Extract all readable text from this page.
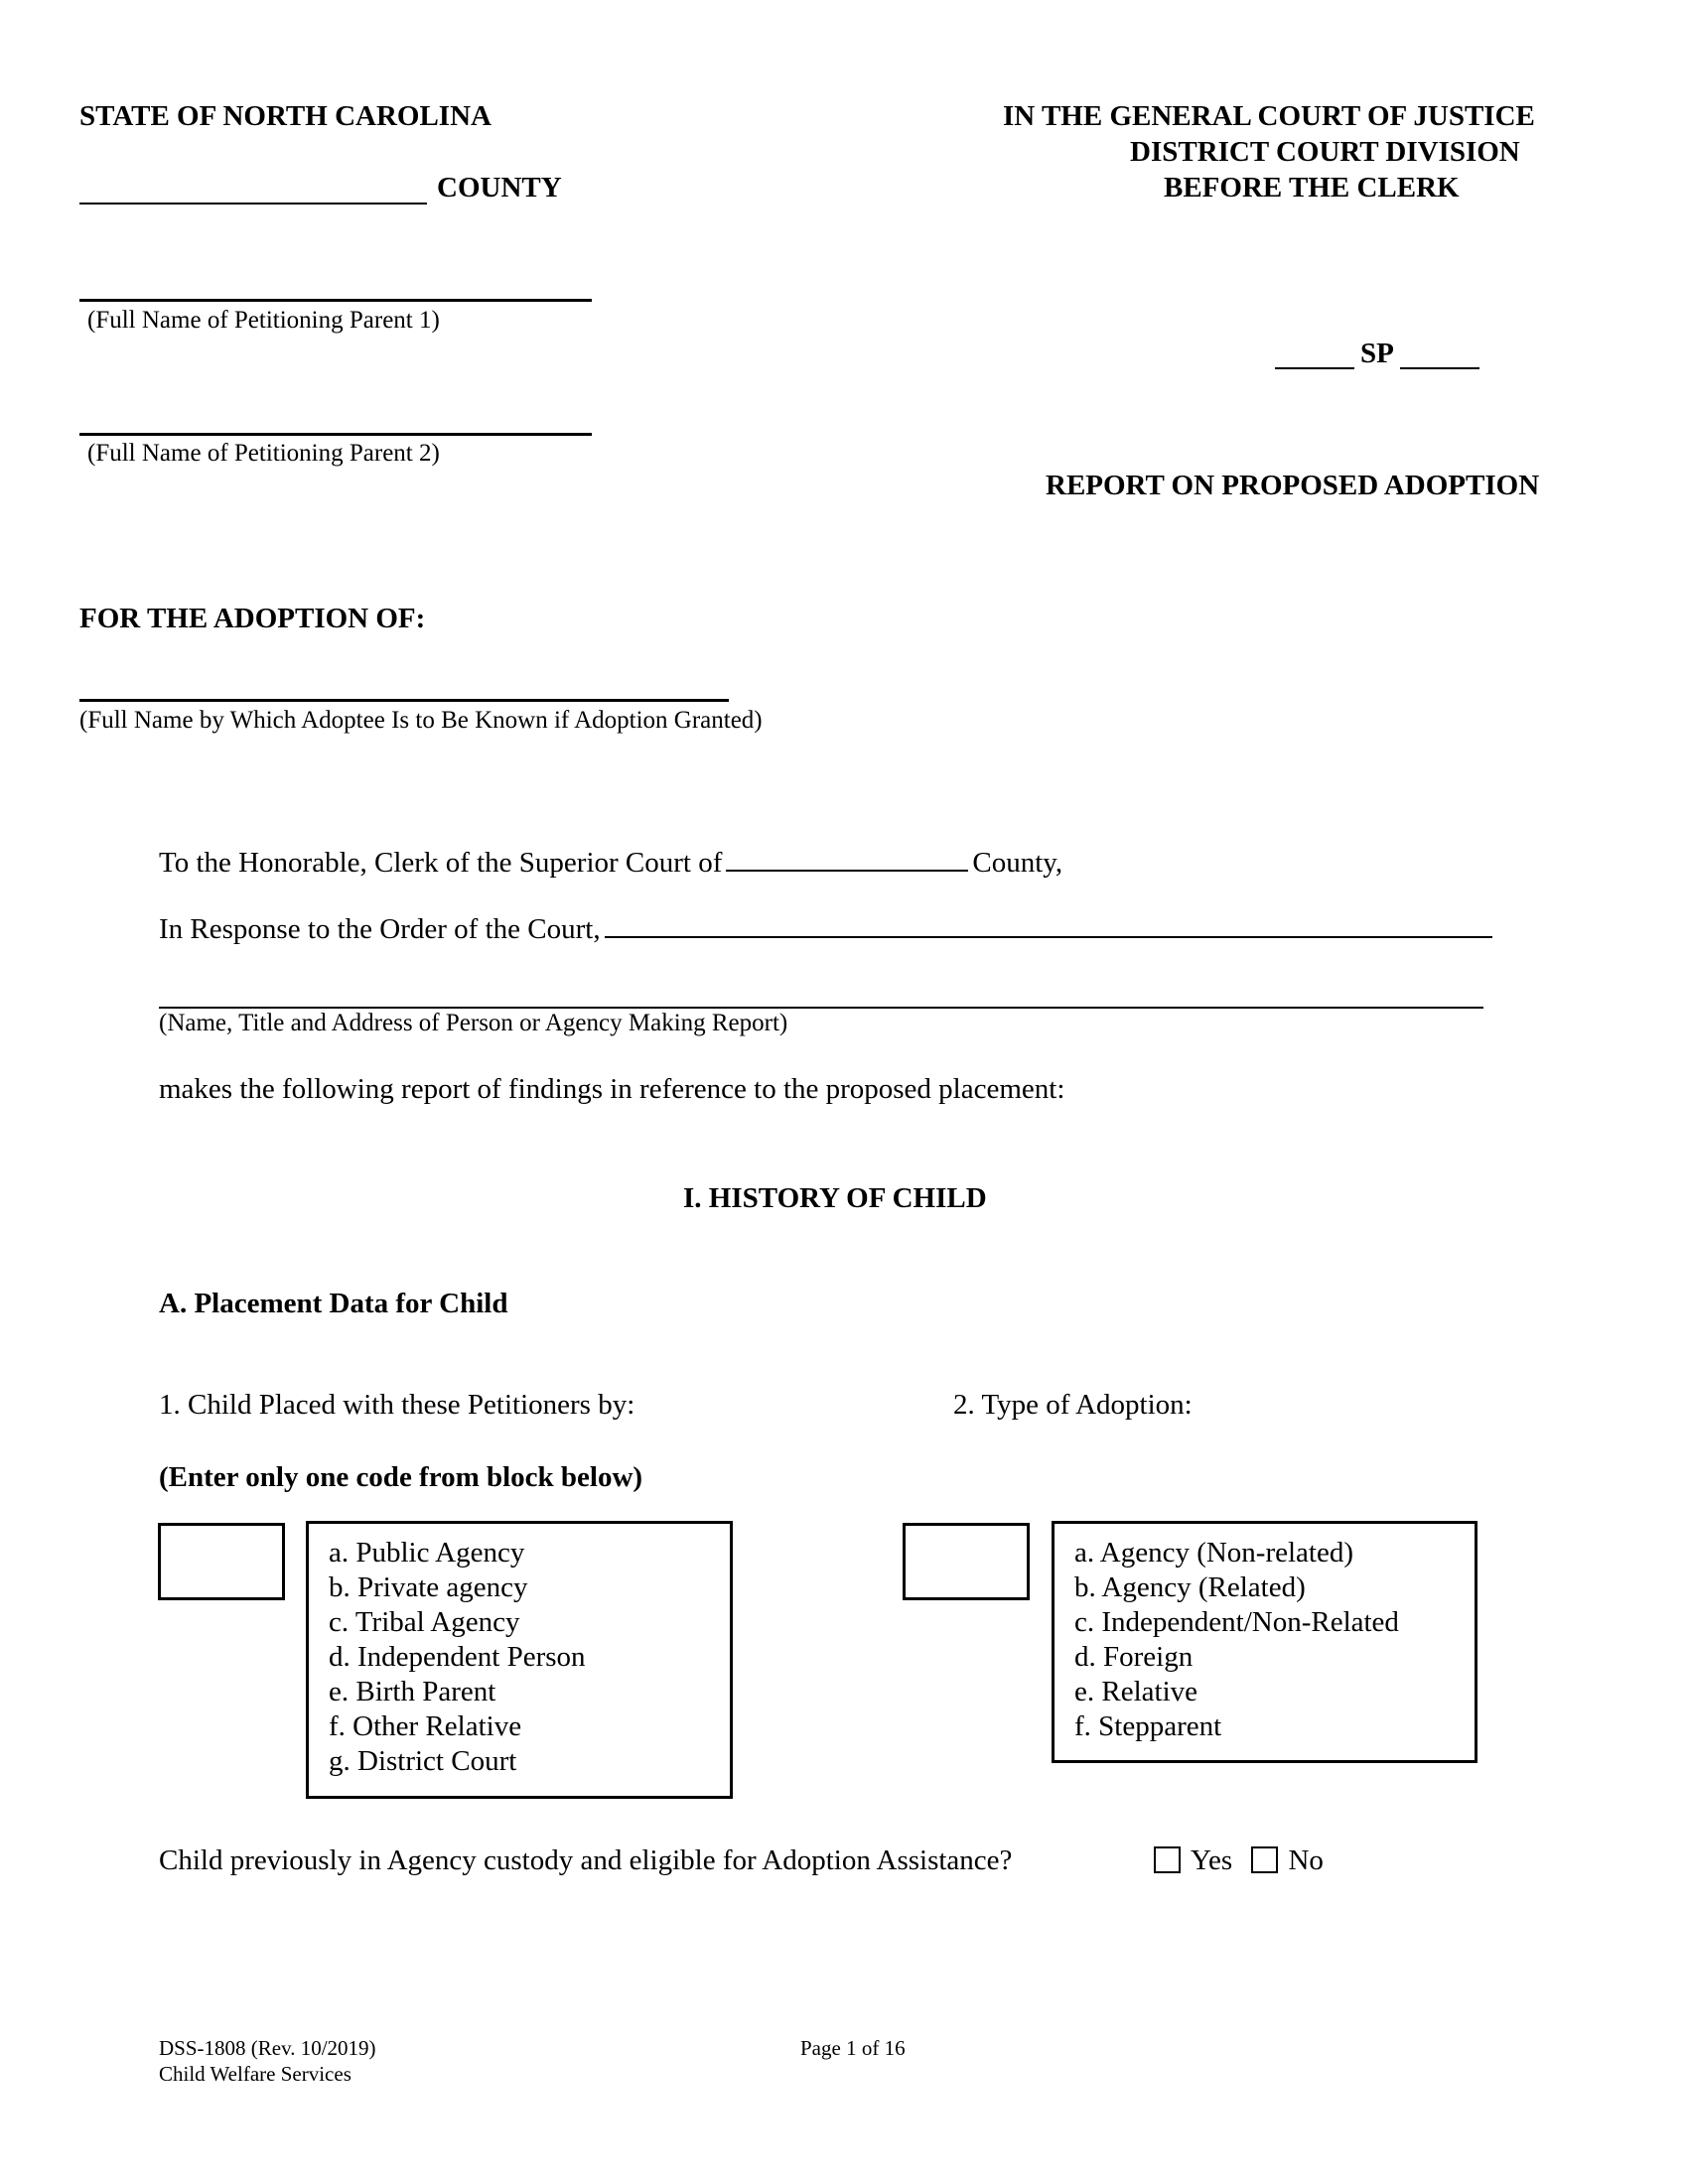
STATE OF NORTH CAROLINA
COUNTY
IN THE GENERAL COURT OF JUSTICE
DISTRICT COURT DIVISION
BEFORE THE CLERK
(Full Name of Petitioning Parent 1)
SP
(Full Name of Petitioning Parent 2)
REPORT ON PROPOSED ADOPTION
FOR THE ADOPTION OF:
(Full Name by Which Adoptee Is to Be Known if Adoption Granted)
To the Honorable, Clerk of the Superior Court of	County,
In Response to the Order of the Court,
(Name, Title and Address of Person or Agency Making Report)
makes the following report of findings in reference to the proposed placement:
I. HISTORY OF CHILD
A. Placement Data for Child
1. Child Placed with these Petitioners by:	2. Type of Adoption:
(Enter only one code from block below)
a. Public Agency
b. Private agency
c. Tribal Agency
d. Independent Person
e. Birth Parent
f. Other Relative
g. District Court
a. Agency (Non-related)
b. Agency (Related)
c. Independent/Non-Related
d. Foreign
e. Relative
f. Stepparent
Child previously in Agency custody and eligible for Adoption Assistance?	Yes No
DSS-1808 (Rev. 10/2019)
Child Welfare Services
Page 1 of 16
